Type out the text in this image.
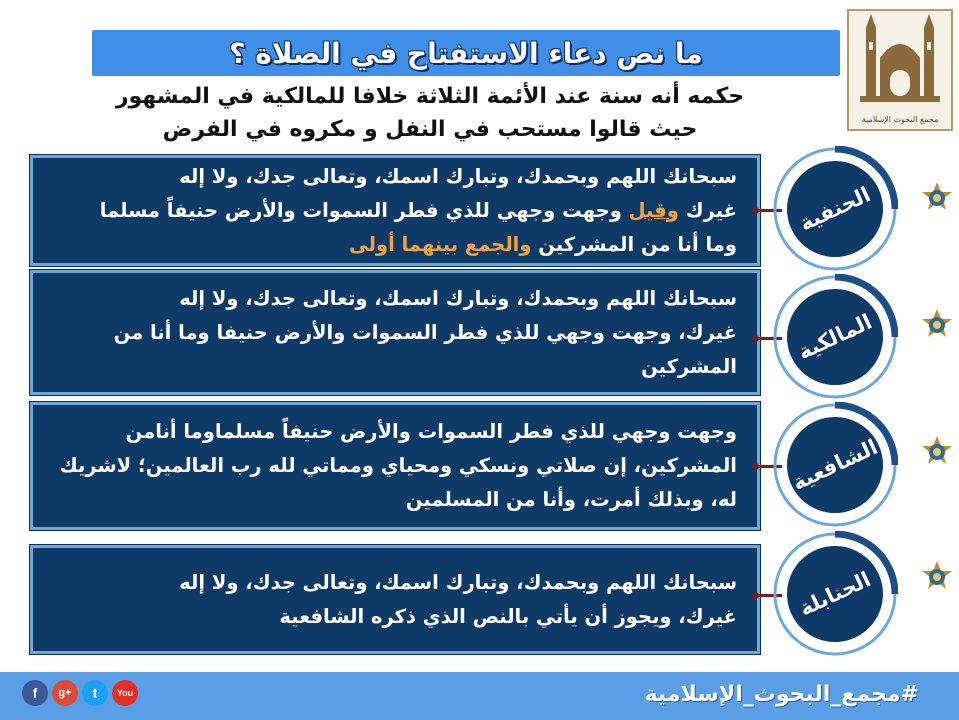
ما نص دعاء الاستفتاح في الصلاة ؟
مجمع البحوث الإسلامية
حكمه أنه سنة عند الأئمة الثلاثة خلافا للمالكية في المشهور
حيث قالوا مستحب في النفل و مكروه في الفرض
سبحانك اللهم وبحمدك، وتبارك اسمك، وتعالى جدك، ولا إله
غيرك وقيل وجهت وجهي للذي فطر السموات والأرض حنيفاً مسلما
وما أنا من المشركين والجمع بينهما أولى
سبحانك اللهم وبحمدك، وتبارك اسمك، وتعالى جدك، ولا إله
غيرك، وجهت وجهي للذي فطر السموات والأرض حنيفا وما أنا من
المشركين
وجهت وجهي للذي فطر السموات والأرض حنيفاً مسلماوما أنامن
المشركين، إن صلاتي ونسكي ومحياي ومماتي لله رب العالمين؛ لاشريك
له، وبذلك أمرت، وأنا من المسلمين
سبحانك اللهم وبحمدك، وتبارك اسمك، وتعالى جدك، ولا إله
غيرك، ويجوز أن يأتي بالنص الذي ذكره الشافعية
الحنفية
المالكية
الشافعية
الحنابلة
f	g+	t	You	#مجمع_البحوث_الإسلامية
